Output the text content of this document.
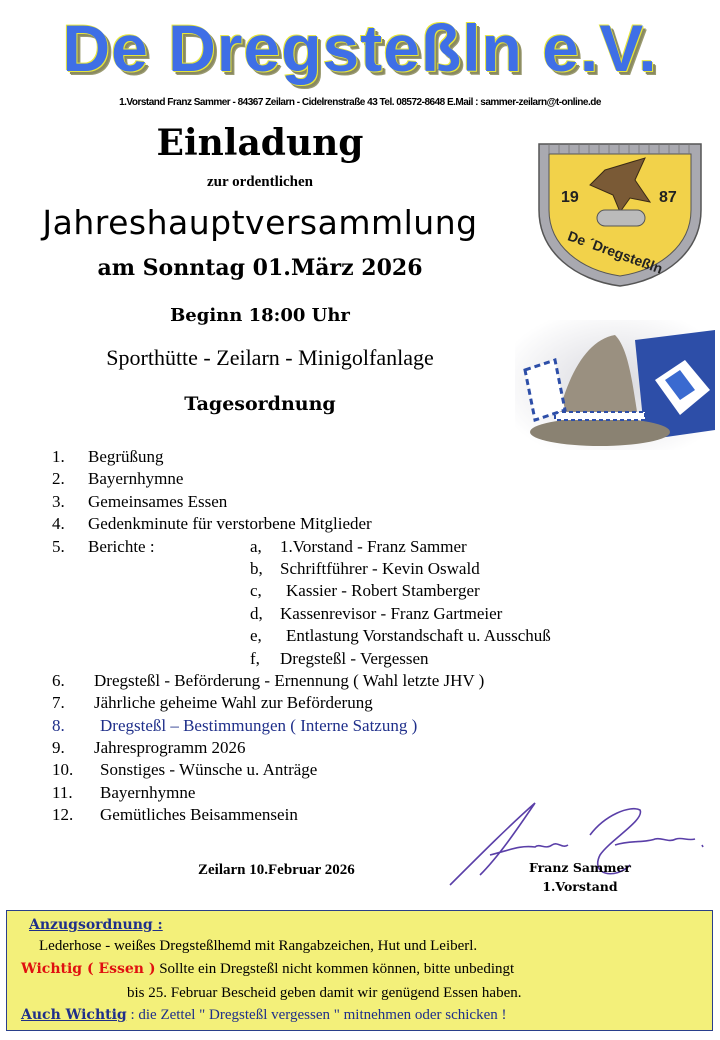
De Dregsteßln e.V.
1.Vorstand Franz Sammer - 84367 Zeilarn - Cidelrenstraße 43 Tel. 08572-8648 E.Mail : sammer-zeilarn@t-online.de
Einladung
zur ordentlichen
Jahreshauptversammlung
am Sonntag 01.März 2026
Beginn 18:00 Uhr
Sporthütte - Zeilarn - Minigolfanlage
Tagesordnung
19	87
De ´Dregsteßln
1. Begrüßung
2. Bayernhymne
3. Gemeinsames Essen
4. Gedenkminute für verstorbene Mitglieder
5. Berichte :	a, 1.Vorstand - Franz Sammer
b, Schriftführer - Kevin Oswald
c, Kassier - Robert Stamberger
d, Kassenrevisor - Franz Gartmeier
e, Entlastung Vorstandschaft u. Ausschuß
f, Dregsteßl - Vergessen
6. Dregsteßl - Beförderung - Ernennung ( Wahl letzte JHV )
7. Jährliche geheime Wahl zur Beförderung
8. Dregsteßl – Bestimmungen ( Interne Satzung )
9. Jahresprogramm 2026
10. Sonstiges - Wünsche u. Anträge
11. Bayernhymne
12. Gemütliches Beisammensein
Zeilarn 10.Februar 2026	Franz Sammer
1.Vorstand
Anzugsordnung :
Lederhose - weißes Dregsteßlhemd mit Rangabzeichen, Hut und Leiberl.
Wichtig ( Essen ) Sollte ein Dregsteßl nicht kommen können, bitte unbedingt
bis 25. Februar Bescheid geben damit wir genügend Essen haben.
Auch Wichtig : die Zettel " Dregsteßl vergessen " mitnehmen oder schicken !
